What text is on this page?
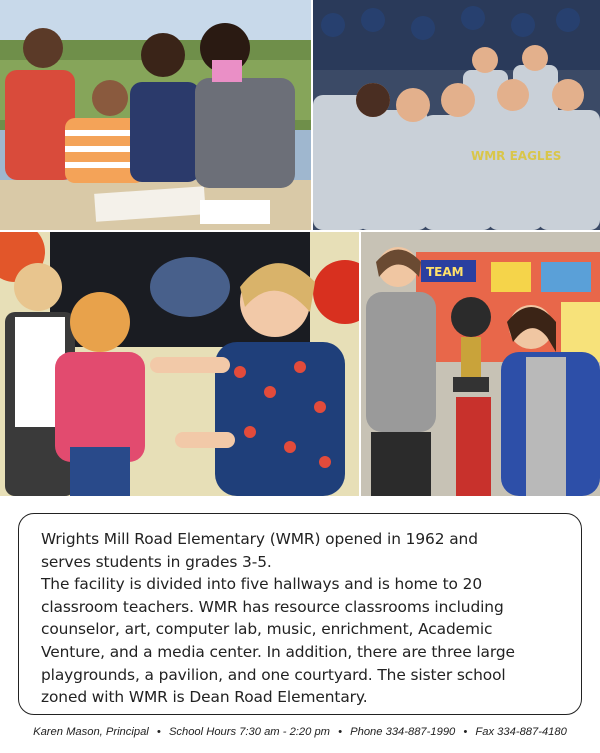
WMR EAGLES
TEAM

Wrights Mill Road Elementary (WMR) opened in 1962 and
serves students in grades 3-5.
The facility is divided into five hallways and is home to 20
classroom teachers. WMR has resource classrooms including
counselor, art, computer lab, music, enrichment, Academic
Venture, and a media center. In addition, there are three large
playgrounds, a pavilion, and one courtyard. The sister school
zoned with WMR is Dean Road Elementary.

Karen Mason, Principal • School Hours 7:30 am - 2:20 pm • Phone 334-887-1990 • Fax 334-887-4180
